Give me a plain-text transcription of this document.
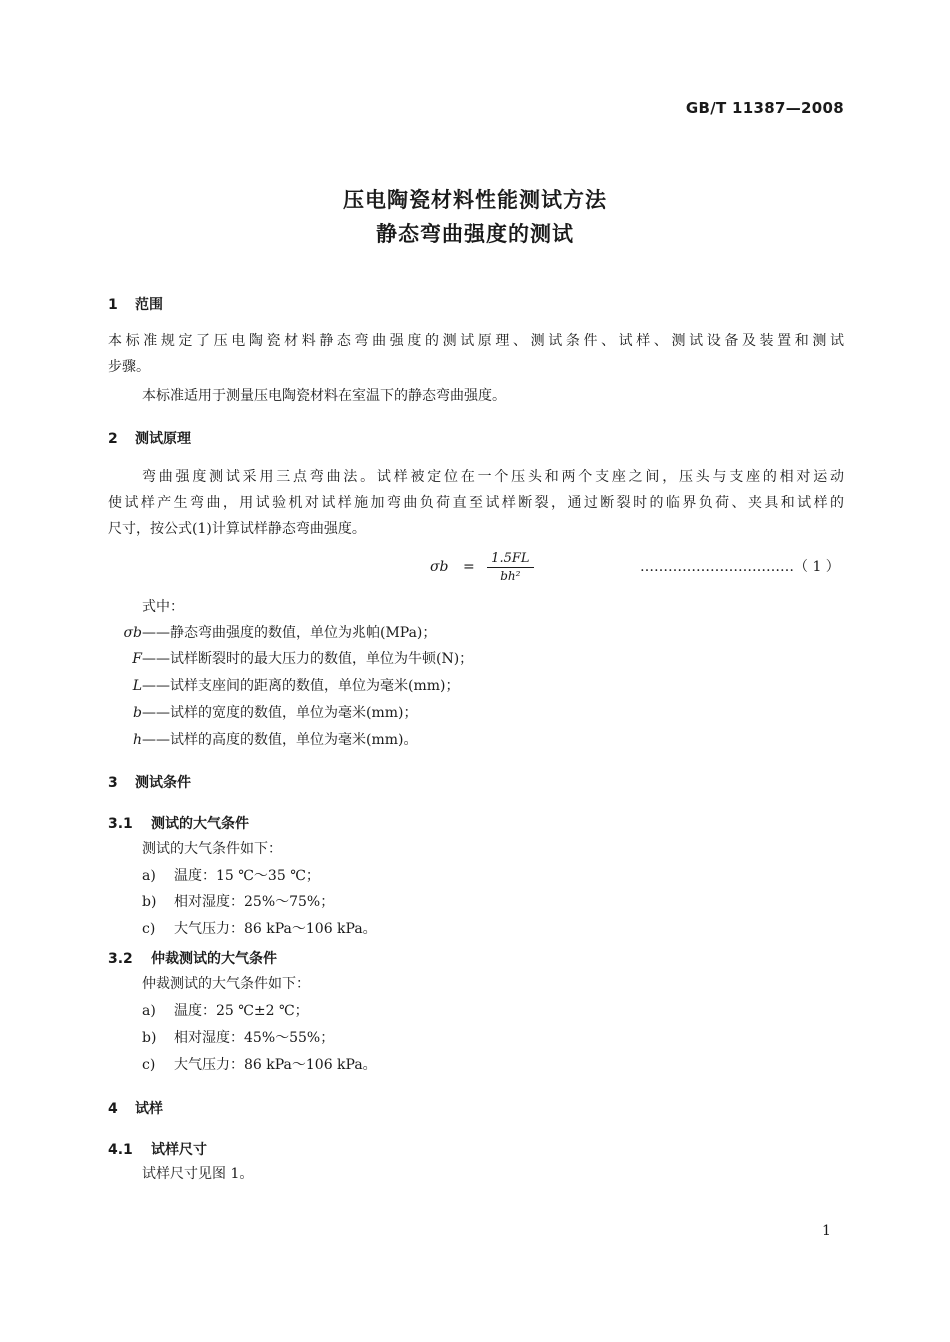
GB/T 11387—2008
压电陶瓷材料性能测试方法
静态弯曲强度的测试
1 范围
本标准规定了压电陶瓷材料静态弯曲强度的测试原理、测试条件、试样、测试设备及装置和测试
步骤。
本标准适用于测量压电陶瓷材料在室温下的静态弯曲强度。
2 测试原理
弯曲强度测试采用三点弯曲法。试样被定位在一个压头和两个支座之间，压头与支座的相对运动
使试样产生弯曲，用试验机对试样施加弯曲负荷直至试样断裂，通过断裂时的临界负荷、夹具和试样的
尺寸，按公式(1)计算试样静态弯曲强度。
$\sigma b = \frac{1.5FL}{\text{bh²}}$	……………………………（ 1 ）
式中：
σb——静态弯曲强度的数值，单位为兆帕(MPa)；
F——试样断裂时的最大压力的数值，单位为牛顿(N)；
L——试样支座间的距离的数值，单位为毫米(mm)；
b——试样的宽度的数值，单位为毫米(mm)；
h——试样的高度的数值，单位为毫米(mm)。
3 测试条件
3.1 测试的大气条件
测试的大气条件如下：
a) 温度：15 ℃～35 ℃；
b) 相对湿度：25%～75%；
c) 大气压力：86 kPa～106 kPa。
3.2 仲裁测试的大气条件
仲裁测试的大气条件如下：
a) 温度：25 ℃±2 ℃；
b) 相对湿度：45%～55%；
c) 大气压力：86 kPa～106 kPa。
4 试样
4.1 试样尺寸
试样尺寸见图 1。
1
